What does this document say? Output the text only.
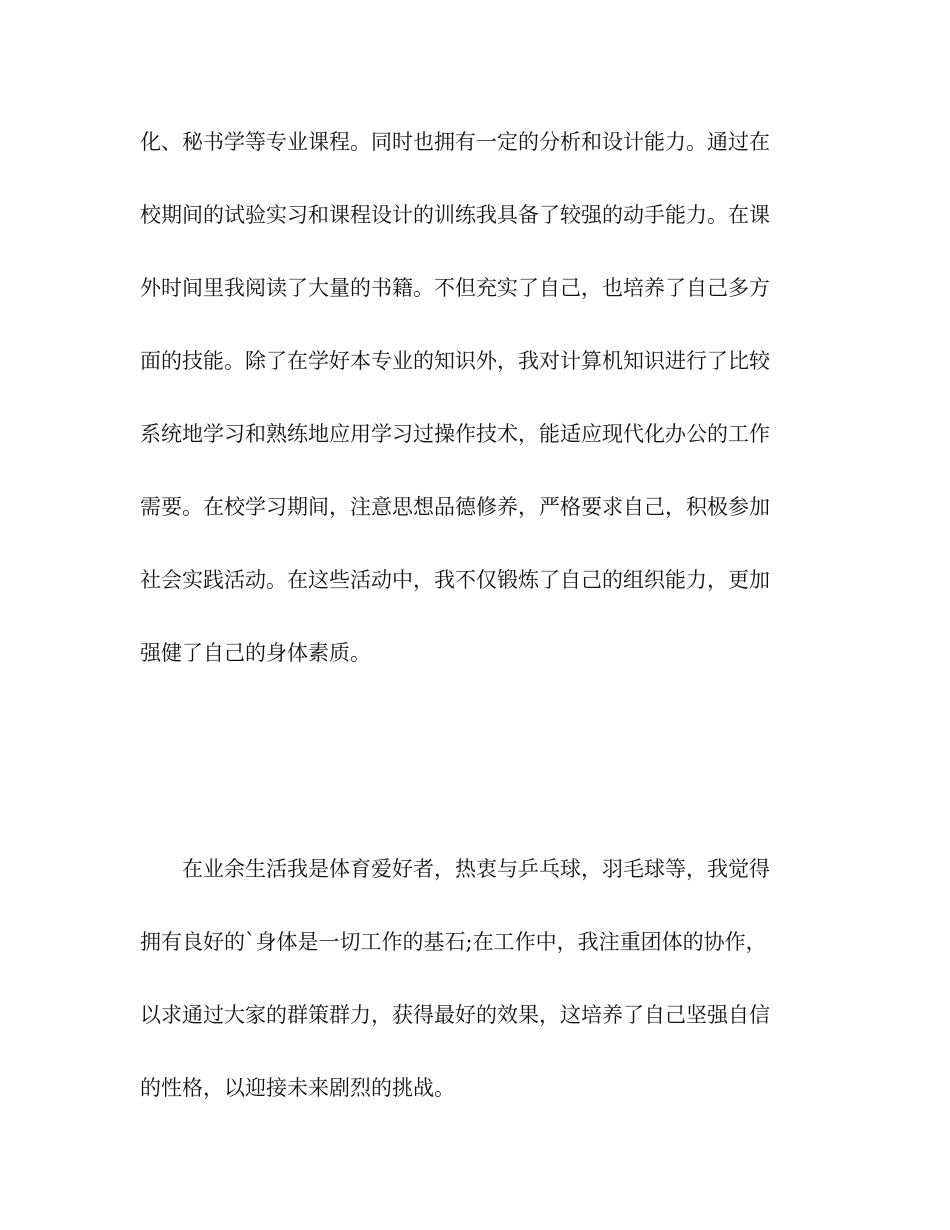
化、秘书学等专业课程。同时也拥有一定的分析和设计能力。通过在
校期间的试验实习和课程设计的训练我具备了较强的动手能力。在课
外时间里我阅读了大量的书籍。不但充实了自己，也培养了自己多方
面的技能。除了在学好本专业的知识外，我对计算机知识进行了比较
系统地学习和熟练地应用学习过操作技术，能适应现代化办公的工作
需要。在校学习期间，注意思想品德修养，严格要求自己，积极参加
社会实践活动。在这些活动中，我不仅锻炼了自己的组织能力，更加
强健了自己的身体素质。
　　在业余生活我是体育爱好者，热衷与乒乓球，羽毛球等，我觉得
拥有良好的`身体是一切工作的基石;在工作中，我注重团体的协作，
以求通过大家的群策群力，获得最好的效果，这培养了自己坚强自信
的性格，以迎接未来剧烈的挑战。
